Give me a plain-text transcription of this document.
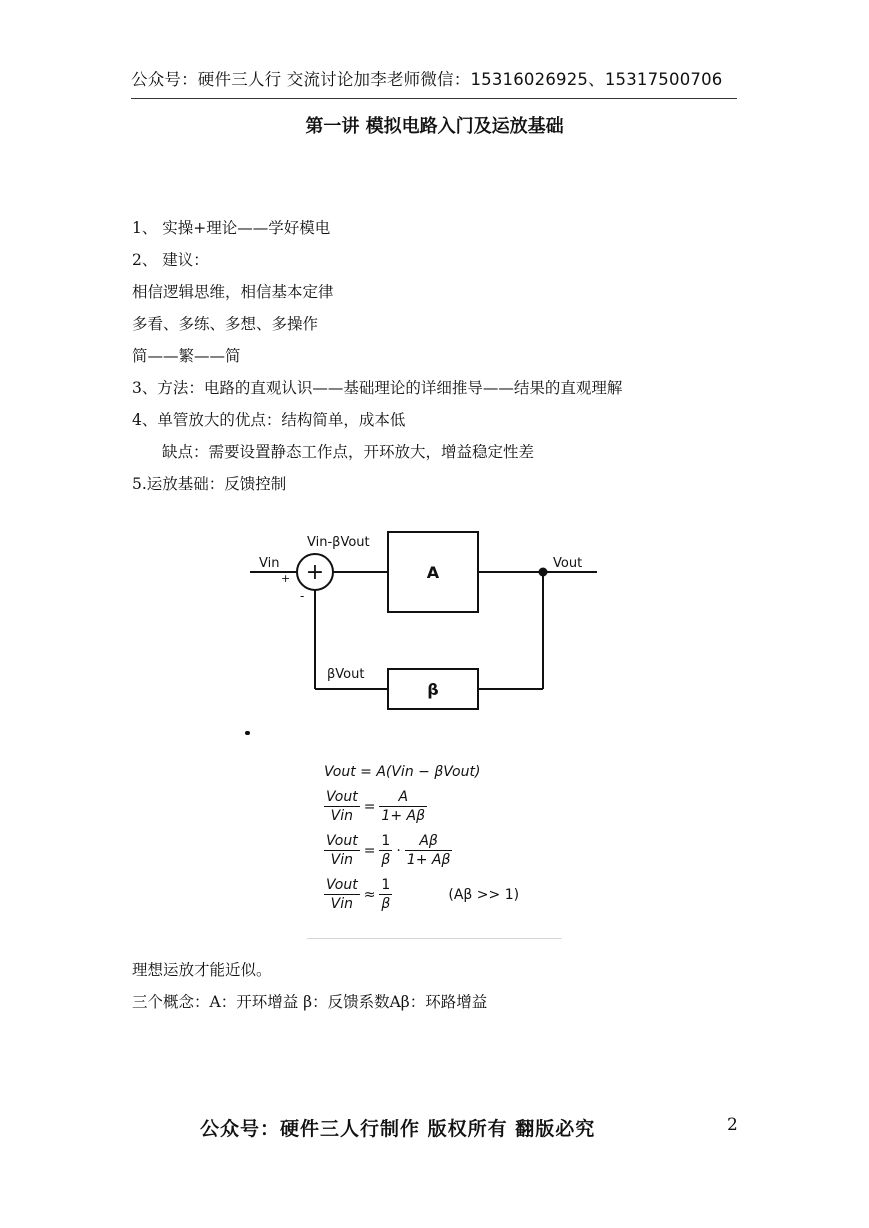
公众号：硬件三人行 交流讨论加李老师微信：15316026925、15317500706
第一讲 模拟电路入门及运放基础

1、 实操+理论——学好模电

2、 建议：

相信逻辑思维，相信基本定律

多看、多练、多想、多操作

简——繁——简

3、方法：电路的直观认识——基础理论的详细推导——结果的直观理解

4、单管放大的优点：结构简单，成本低

缺点：需要设置静态工作点，开环放大，增益稳定性差

5.运放基础：反馈控制

Vin
+
-
+
Vin-βVout
A	Vout
βVout
β
Vout = A(Vin − βVout)
$\frac{\text{Vout}}{\text{Vin}} = \frac{A}{1+ A\beta}$
$\frac{\text{Vout}}{\text{Vin}} = \frac{1}{\beta} \cdot \frac{A\beta}{1+ A\beta}$
$\frac{\text{Vout}}{\text{Vin}} \approx \frac{1}{\beta}$	(Aβ >> 1)

理想运放才能近似。

三个概念：A：开环增益 β：反馈系数Aβ：环路增益

公众号：硬件三人行制作 版权所有 翻版必究	2
